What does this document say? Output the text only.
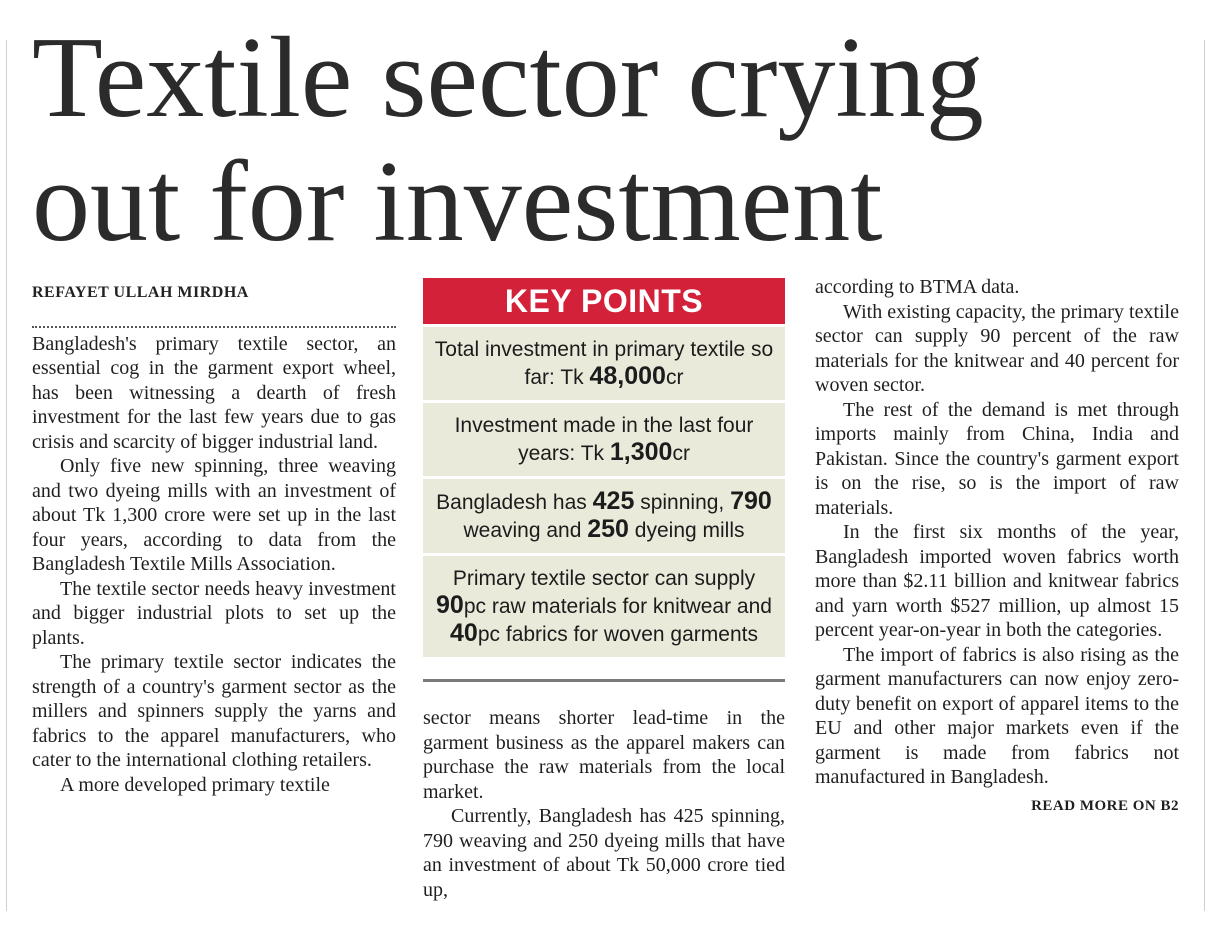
Textile sector crying
out for investment
REFAYET ULLAH MIRDHA

Bangladesh's primary textile sector, an essential cog in the garment export wheel, has been witnessing a dearth of fresh investment for the last few years due to gas crisis and scarcity of bigger industrial land.

Only five new spinning, three weaving and two dyeing mills with an investment of about Tk 1,300 crore were set up in the last four years, according to data from the Bangladesh Textile Mills Association.

The textile sector needs heavy investment and bigger industrial plots to set up the plants.

The primary textile sector indicates the strength of a country's garment sector as the millers and spinners supply the yarns and fabrics to the apparel manufacturers, who cater to the international clothing retailers.

A more developed primary textile

KEY POINTS
Total investment in primary textile so far: Tk 48,000cr
Investment made in the last four years: Tk 1,300cr
Bangladesh has 425 spinning, 790 weaving and 250 dyeing mills
Primary textile sector can supply 90pc raw materials for knitwear and 40pc fabrics for woven garments

sector means shorter lead-time in the garment business as the apparel makers can purchase the raw materials from the local market.

Currently, Bangladesh has 425 spinning, 790 weaving and 250 dyeing mills that have an investment of about Tk 50,000 crore tied up,

according to BTMA data.

With existing capacity, the primary textile sector can supply 90 percent of the raw materials for the knitwear and 40 percent for woven sector.

The rest of the demand is met through imports mainly from China, India and Pakistan. Since the country's garment export is on the rise, so is the import of raw materials.

In the first six months of the year, Bangladesh imported woven fabrics worth more than $2.11 billion and knitwear fabrics and yarn worth $527 million, up almost 15 percent year-on-year in both the categories.

The import of fabrics is also rising as the garment manufacturers can now enjoy zero-duty benefit on export of apparel items to the EU and other major markets even if the garment is made from fabrics not manufactured in Bangladesh.

READ MORE ON B2
